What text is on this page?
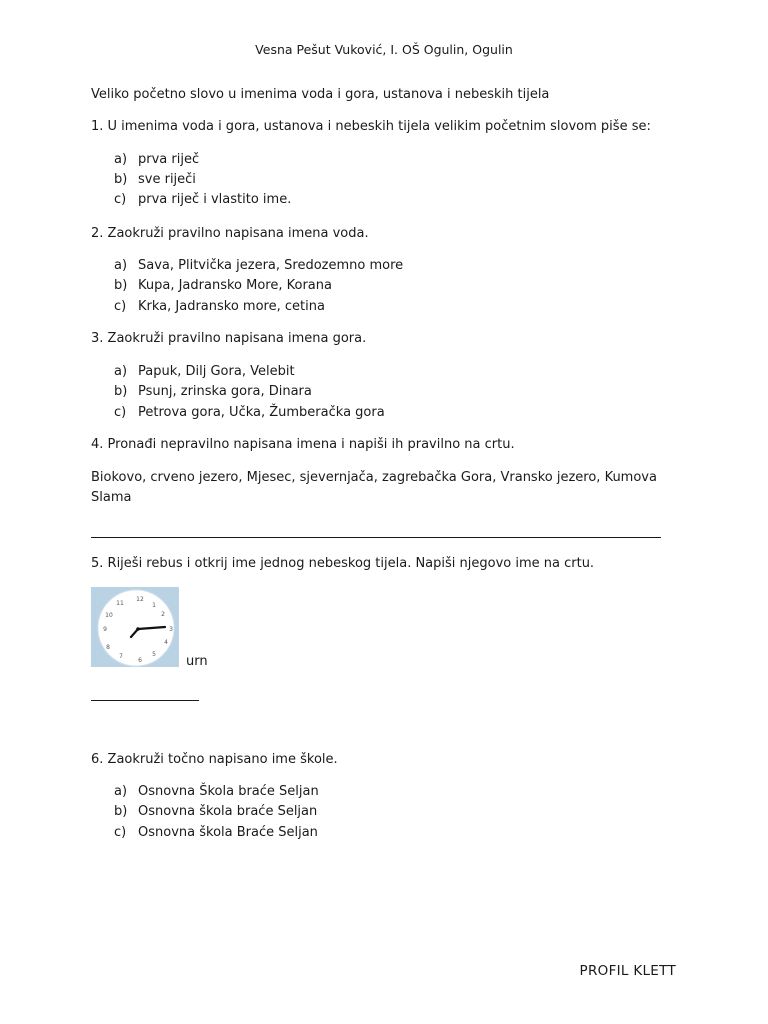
Vesna Pešut Vuković, I. OŠ Ogulin, Ogulin
Veliko početno slovo u imenima voda i gora, ustanova i nebeskih tijela
1. U imenima voda i gora, ustanova i nebeskih tijela velikim početnim slovom piše se:
a) prva riječ
b) sve riječi
c) prva riječ i vlastito ime.
2. Zaokruži pravilno napisana imena voda.
a) Sava, Plitvička jezera, Sredozemno more
b) Kupa, Jadransko More, Korana
c) Krka, Jadransko more, cetina
3. Zaokruži pravilno napisana imena gora.
a) Papuk, Dilj Gora, Velebit
b) Psunj, zrinska gora, Dinara
c) Petrova gora, Učka, Žumberačka gora
4. Pronađi nepravilno napisana imena i napiši ih pravilno na crtu.
Biokovo, crveno jezero, Mjesec, sjevernjača, zagrebačka Gora, Vransko jezero, Kumova
Slama
5. Riješi rebus i otkrij ime jednog nebeskog tijela. Napiši njegovo ime na crtu.
12
1
2
3
4
5
6
7
8
9
10
11
urn
6. Zaokruži točno napisano ime škole.
a) Osnovna Škola braće Seljan
b) Osnovna škola braće Seljan
c) Osnovna škola Braće Seljan
PROFIL KLETT
